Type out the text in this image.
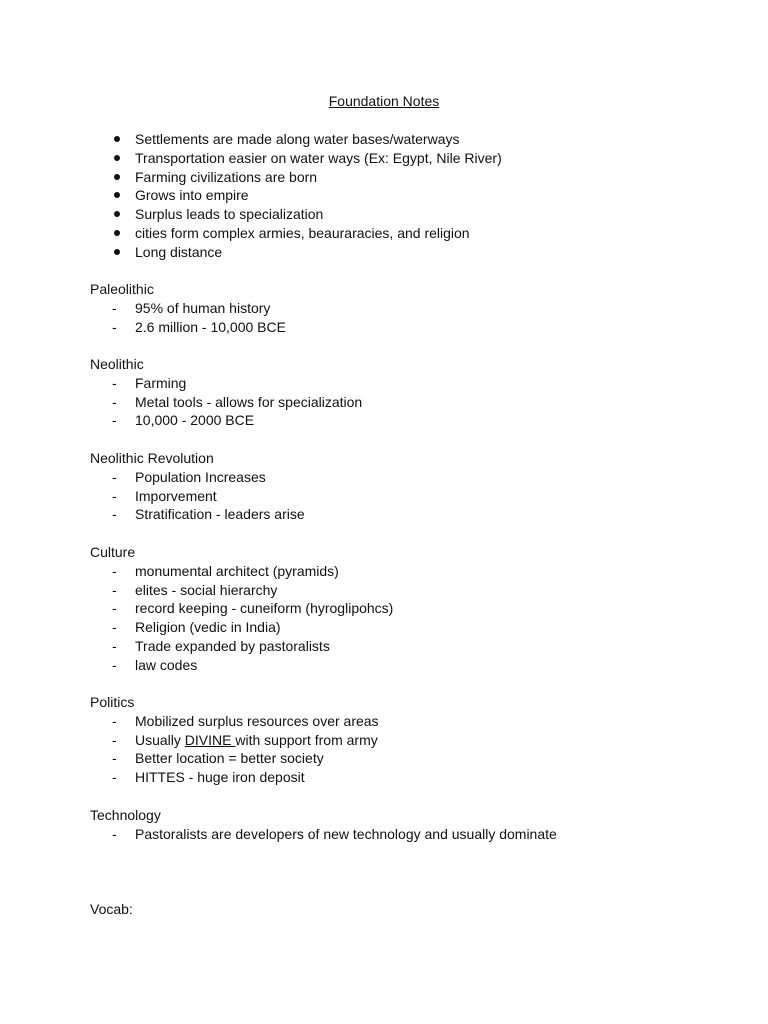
Foundation Notes
Settlements are made along water bases/waterways
Transportation easier on water ways (Ex: Egypt, Nile River)
Farming civilizations are born
Grows into empire
Surplus leads to specialization
cities form complex armies, beauraracies, and religion
Long distance
Paleolithic
- 95% of human history
- 2.6 million - 10,000 BCE
Neolithic
- Farming
- Metal tools - allows for specialization
- 10,000 - 2000 BCE
Neolithic Revolution
- Population Increases
- Imporvement
- Stratification - leaders arise
Culture
- monumental architect (pyramids)
- elites - social hierarchy
- record keeping - cuneiform (hyroglipohcs)
- Religion (vedic in India)
- Trade expanded by pastoralists
- law codes
Politics
- Mobilized surplus resources over areas
- Usually DIVINE with support from army
- Better location = better society
- HITTES - huge iron deposit
Technology
- Pastoralists are developers of new technology and usually dominate
Vocab:
